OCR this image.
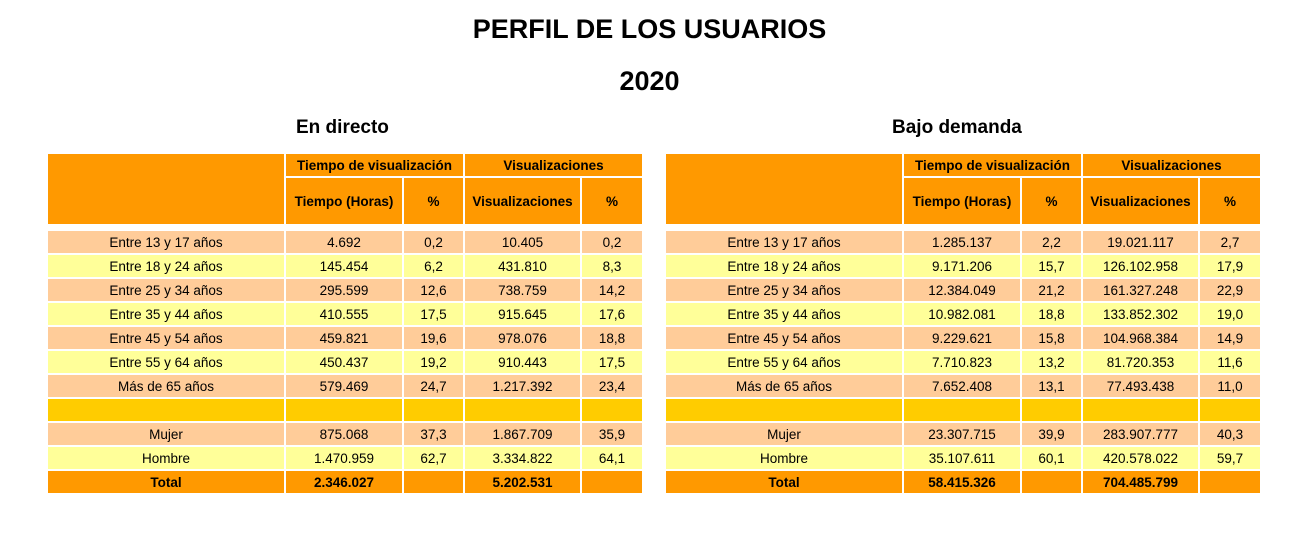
PERFIL DE LOS USUARIOS
2020
En directo
	Tiempo de visualización		Visualizaciones	
	Tiempo (Horas)	%	Visualizaciones	%

Entre 13 y 17 años	4.692	0,2	10.405	0,2
Entre 18 y 24 años	145.454	6,2	431.810	8,3
Entre 25 y 34 años	295.599	12,6	738.759	14,2
Entre 35 y 44 años	410.555	17,5	915.645	17,6
Entre 45 y 54 años	459.821	19,6	978.076	18,8
Entre 55 y 64 años	450.437	19,2	910.443	17,5
Más de 65 años	579.469	24,7	1.217.392	23,4

Mujer	875.068	37,3	1.867.709	35,9
Hombre	1.470.959	62,7	3.334.822	64,1
Total	2.346.027		5.202.531	
Bajo demanda
	Tiempo de visualización		Visualizaciones	
	Tiempo (Horas)	%	Visualizaciones	%

Entre 13 y 17 años	1.285.137	2,2	19.021.117	2,7
Entre 18 y 24 años	9.171.206	15,7	126.102.958	17,9
Entre 25 y 34 años	12.384.049	21,2	161.327.248	22,9
Entre 35 y 44 años	10.982.081	18,8	133.852.302	19,0
Entre 45 y 54 años	9.229.621	15,8	104.968.384	14,9
Entre 55 y 64 años	7.710.823	13,2	81.720.353	11,6
Más de 65 años	7.652.408	13,1	77.493.438	11,0

Mujer	23.307.715	39,9	283.907.777	40,3
Hombre	35.107.611	60,1	420.578.022	59,7
Total	58.415.326		704.485.799	
